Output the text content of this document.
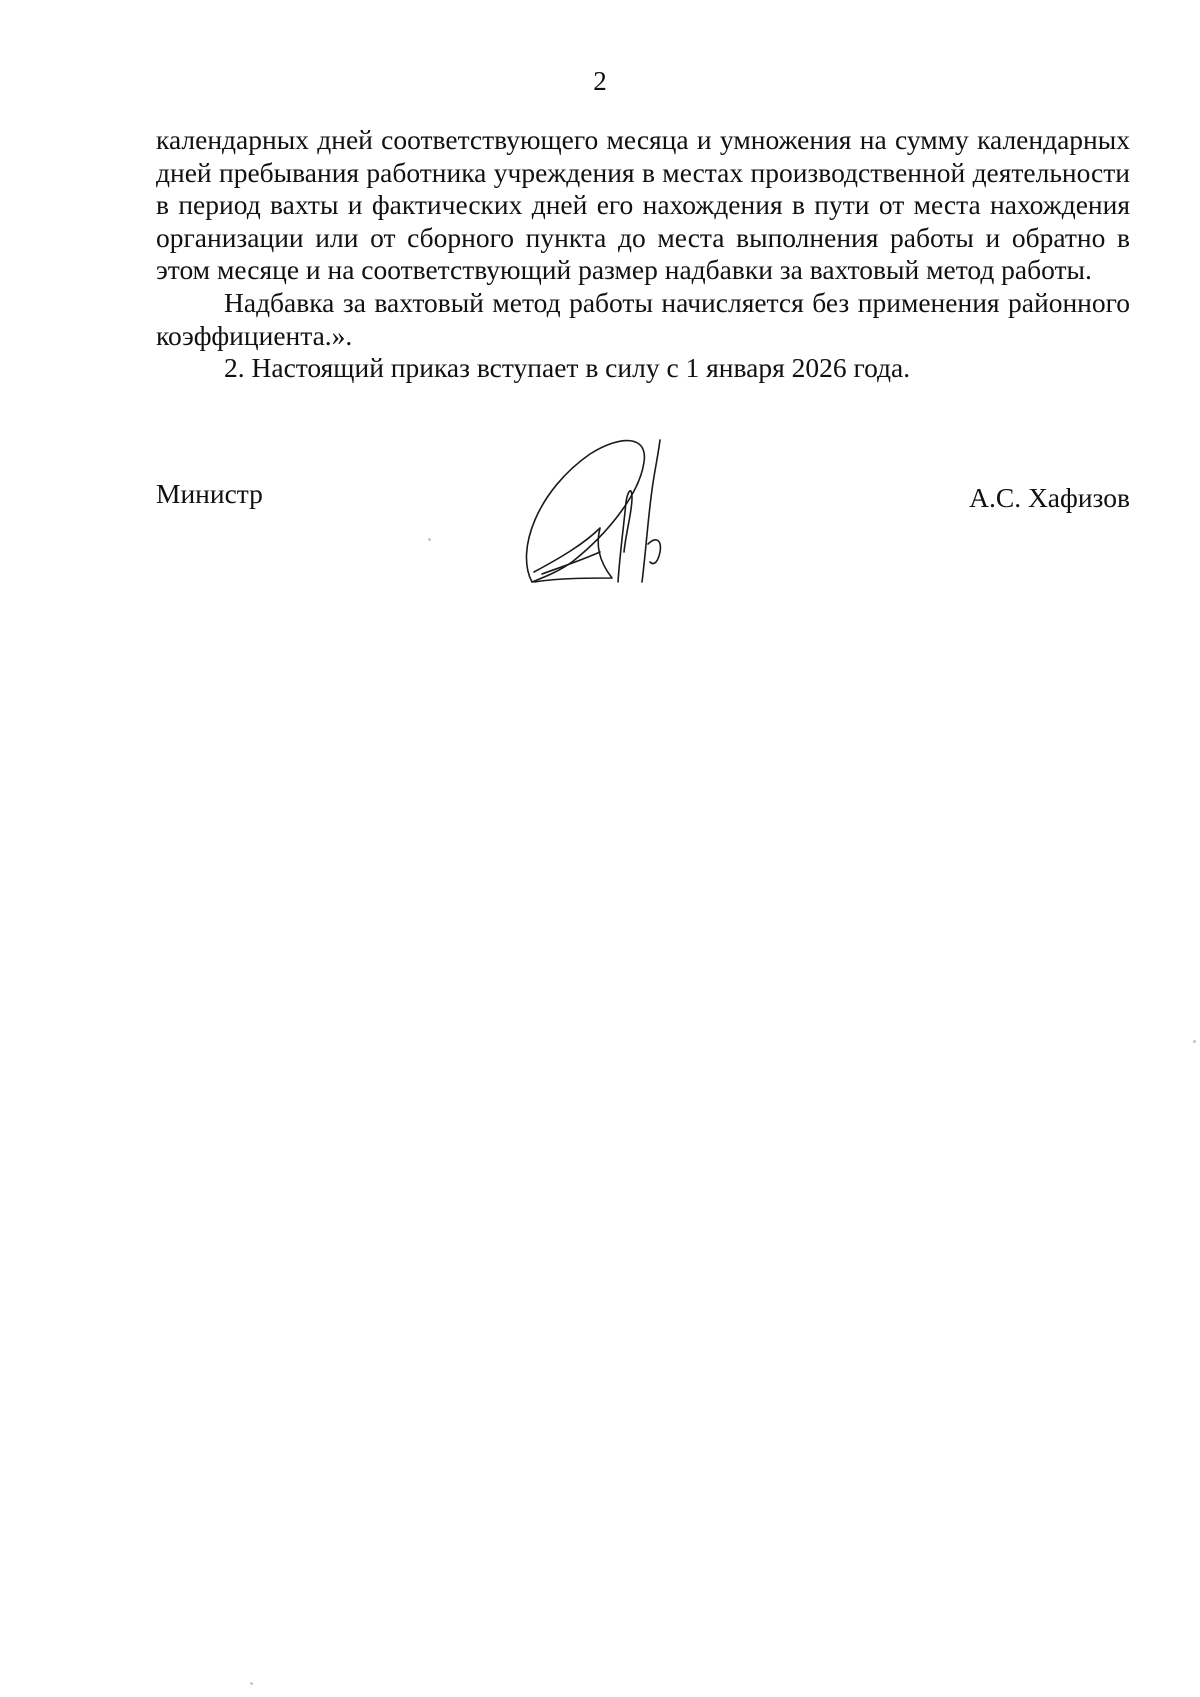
2

календарных дней соответствующего месяца и умножения на сумму календарных дней пребывания работника учреждения в местах производственной деятельности в период вахты и фактических дней его нахождения в пути от места нахождения организации или от сборного пункта до места выполнения работы и обратно в этом месяце и на соответствующий размер надбавки за вахтовый метод работы.

Надбавка за вахтовый метод работы начисляется без применения районного коэффициента.».

2. Настоящий приказ вступает в силу с 1 января 2026 года.

Министр	А.С. Хафизов
